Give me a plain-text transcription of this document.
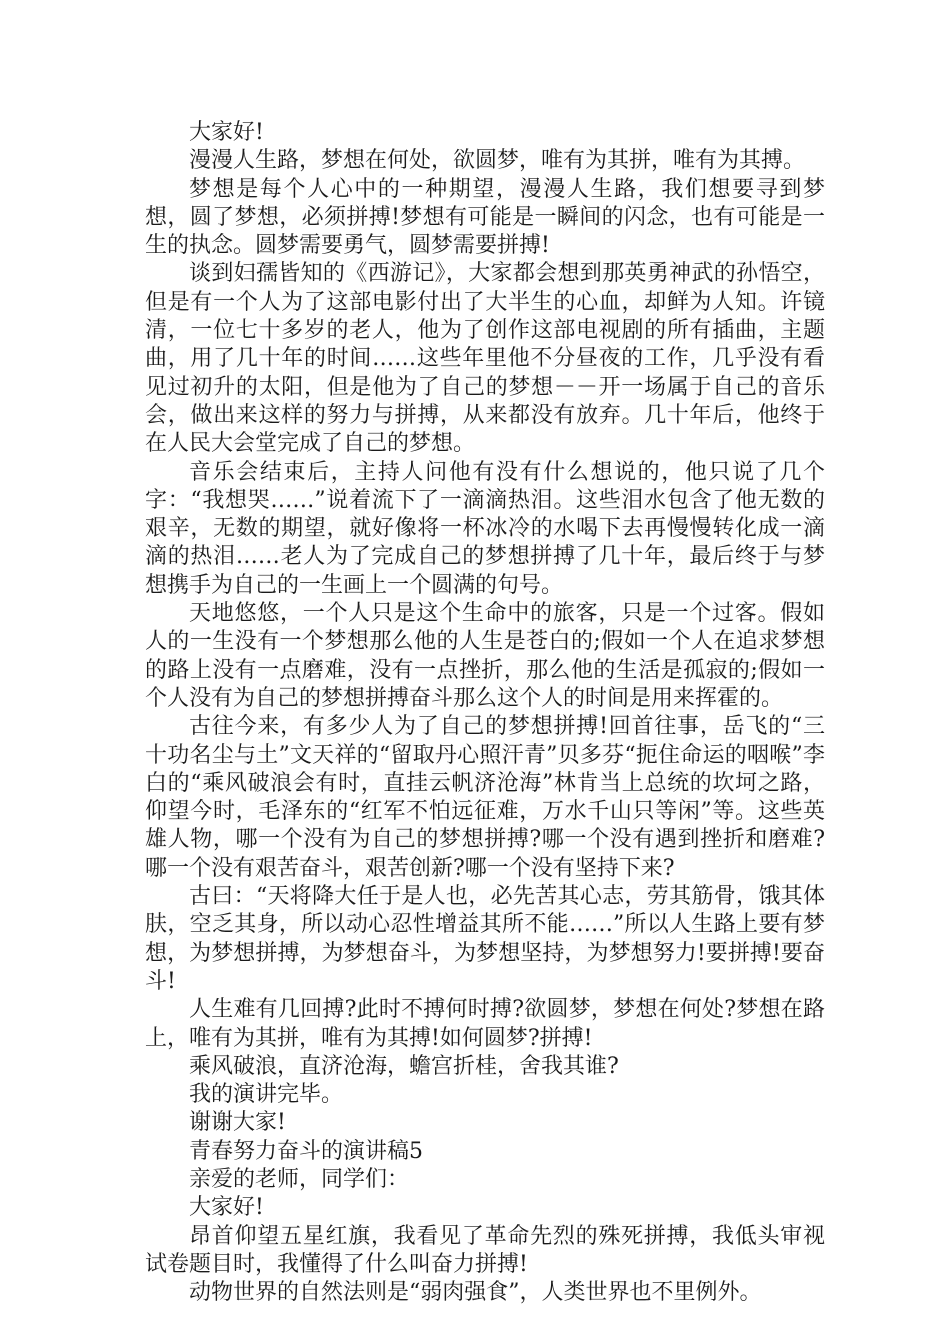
大家好!

漫漫人生路，梦想在何处，欲圆梦，唯有为其拼，唯有为其搏。

梦想是每个人心中的一种期望，漫漫人生路，我们想要寻到梦想，圆了梦想，必须拼搏!梦想有可能是一瞬间的闪念，也有可能是一生的执念。圆梦需要勇气，圆梦需要拼搏!

谈到妇孺皆知的《西游记》，大家都会想到那英勇神武的孙悟空，但是有一个人为了这部电影付出了大半生的心血，却鲜为人知。许镜清，一位七十多岁的老人，他为了创作这部电视剧的所有插曲，主题曲，用了几十年的时间……这些年里他不分昼夜的工作，几乎没有看见过初升的太阳，但是他为了自己的梦想－－开一场属于自己的音乐会，做出来这样的努力与拼搏，从来都没有放弃。几十年后，他终于在人民大会堂完成了自己的梦想。

音乐会结束后，主持人问他有没有什么想说的，他只说了几个字：“我想哭……”说着流下了一滴滴热泪。这些泪水包含了他无数的艰辛，无数的期望，就好像将一杯冰冷的水喝下去再慢慢转化成一滴滴的热泪……老人为了完成自己的梦想拼搏了几十年，最后终于与梦想携手为自己的一生画上一个圆满的句号。

天地悠悠，一个人只是这个生命中的旅客，只是一个过客。假如人的一生没有一个梦想那么他的人生是苍白的;假如一个人在追求梦想的路上没有一点磨难，没有一点挫折，那么他的生活是孤寂的;假如一个人没有为自己的梦想拼搏奋斗那么这个人的时间是用来挥霍的。

古往今来，有多少人为了自己的梦想拼搏!回首往事，岳飞的“三十功名尘与土”文天祥的“留取丹心照汗青”贝多芬“扼住命运的咽喉”李白的“乘风破浪会有时，直挂云帆济沧海”林肯当上总统的坎坷之路，仰望今时，毛泽东的“红军不怕远征难，万水千山只等闲”等。这些英雄人物，哪一个没有为自己的梦想拼搏?哪一个没有遇到挫折和磨难?哪一个没有艰苦奋斗，艰苦创新?哪一个没有坚持下来?

古曰：“天将降大任于是人也，必先苦其心志，劳其筋骨，饿其体肤，空乏其身，所以动心忍性增益其所不能……”所以人生路上要有梦想，为梦想拼搏，为梦想奋斗，为梦想坚持，为梦想努力!要拼搏!要奋斗!

人生难有几回搏?此时不搏何时搏?欲圆梦，梦想在何处?梦想在路上，唯有为其拼，唯有为其搏!如何圆梦?拼搏!

乘风破浪，直济沧海，蟾宫折桂，舍我其谁?

我的演讲完毕。

谢谢大家!

青春努力奋斗的演讲稿5

亲爱的老师，同学们：

大家好!

昂首仰望五星红旗，我看见了革命先烈的殊死拼搏，我低头审视试卷题目时，我懂得了什么叫奋力拼搏!

动物世界的自然法则是“弱肉强食”，人类世界也不里例外。
